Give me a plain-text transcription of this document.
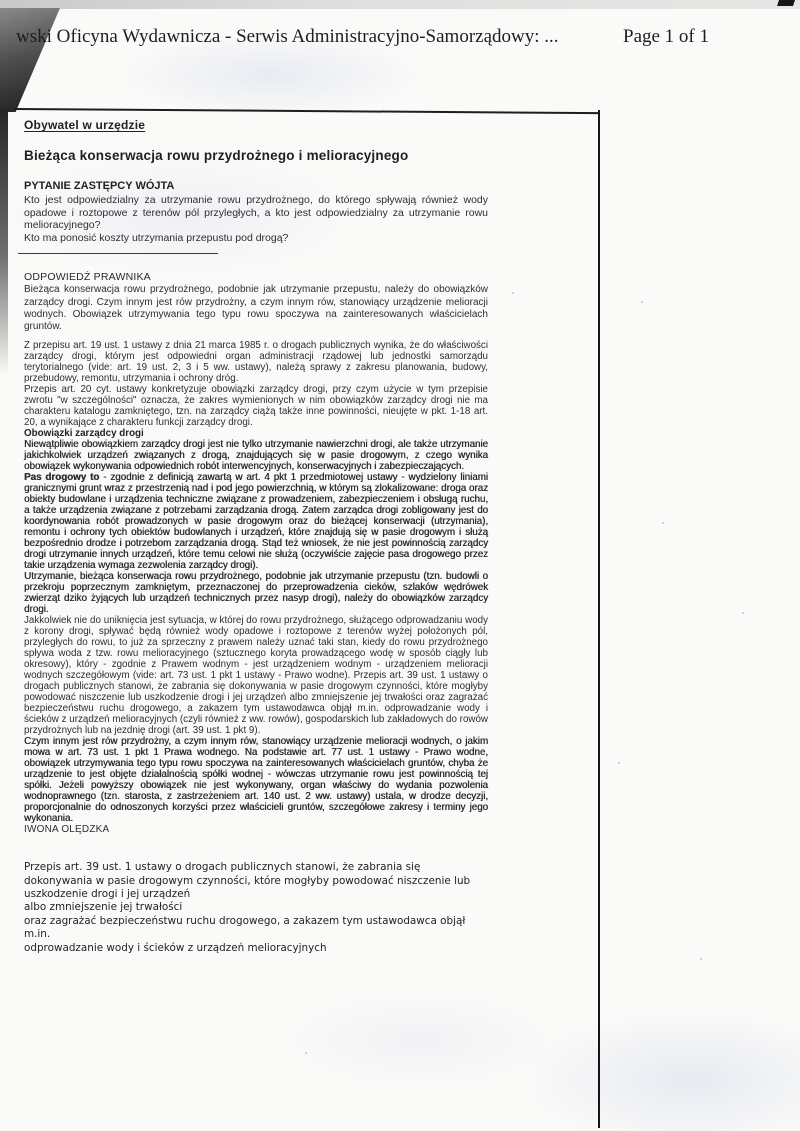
wski Oficyna Wydawnicza - Serwis Administracyjno-Samorządowy: ...	Page 1 of 1

Obywatel w urzędzie

Bieżąca konserwacja rowu przydrożnego i melioracyjnego

PYTANIE ZASTĘPCY WÓJTA

Kto jest odpowiedzialny za utrzymanie rowu przydrożnego, do którego spływają również wody opadowe i roztopowe z terenów pól przyległych, a kto jest odpowiedzialny za utrzymanie rowu melioracyjnego?

Kto ma ponosić koszty utrzymania przepustu pod drogą?

ODPOWIEDŹ PRAWNIKA

Bieżąca konserwacja rowu przydrożnego, podobnie jak utrzymanie przepustu, należy do obowiązków zarządcy drogi. Czym innym jest rów przydrożny, a czym innym rów, stanowiący urządzenie melioracji wodnych. Obowiązek utrzymywania tego typu rowu spoczywa na zainteresowanych właścicielach gruntów.

Z przepisu art. 19 ust. 1 ustawy z dnia 21 marca 1985 r. o drogach publicznych wynika, że do właściwości zarządcy drogi, którym jest odpowiedni organ administracji rządowej lub jednostki samorządu terytorialnego (vide: art. 19 ust. 2, 3 i 5 ww. ustawy), należą sprawy z zakresu planowania, budowy, przebudowy, remontu, utrzymania i ochrony dróg.

Przepis art. 20 cyt. ustawy konkretyzuje obowiązki zarządcy drogi, przy czym użycie w tym przepisie zwrotu "w szczególności" oznacza, że zakres wymienionych w nim obowiązków zarządcy drogi nie ma charakteru katalogu zamkniętego, tzn. na zarządcy ciążą także inne powinności, nieujęte w pkt. 1-18 art. 20, a wynikające z charakteru funkcji zarządcy drogi.

Obowiązki zarządcy drogi

Niewątpliwie obowiązkiem zarządcy drogi jest nie tylko utrzymanie nawierzchni drogi, ale także utrzymanie jakichkolwiek urządzeń związanych z drogą, znajdujących się w pasie drogowym, z czego wynika obowiązek wykonywania odpowiednich robót interwencyjnych, konserwacyjnych i zabezpieczających.

Pas drogowy to - zgodnie z definicją zawartą w art. 4 pkt 1 przedmiotowej ustawy - wydzielony liniami granicznymi grunt wraz z przestrzenią nad i pod jego powierzchnią, w którym są zlokalizowane: droga oraz obiekty budowlane i urządzenia techniczne związane z prowadzeniem, zabezpieczeniem i obsługą ruchu, a także urządzenia związane z potrzebami zarządzania drogą. Zatem zarządca drogi zobligowany jest do koordynowania robót prowadzonych w pasie drogowym oraz do bieżącej konserwacji (utrzymania), remontu i ochrony tych obiektów budowlanych i urządzeń, które znajdują się w pasie drogowym i służą bezpośrednio drodze i potrzebom zarządzania drogą. Stąd też wniosek, że nie jest powinnością zarządcy drogi utrzymanie innych urządzeń, które temu celowi nie służą (oczywiście zajęcie pasa drogowego przez takie urządzenia wymaga zezwolenia zarządcy drogi).

Utrzymanie, bieżąca konserwacja rowu przydrożnego, podobnie jak utrzymanie przepustu (tzn. budowli o przekroju poprzecznym zamkniętym, przeznaczonej do przeprowadzenia cieków, szlaków wędrówek zwierząt dziko żyjących lub urządzeń technicznych przez nasyp drogi), należy do obowiązków zarządcy drogi.

Jakkolwiek nie do uniknięcia jest sytuacja, w której do rowu przydrożnego, służącego odprowadzaniu wody z korony drogi, spływać będą również wody opadowe i roztopowe z terenów wyżej położonych pól, przyległych do rowu, to już za sprzeczny z prawem należy uznać taki stan, kiedy do rowu przydrożnego spływa woda z tzw. rowu melioracyjnego (sztucznego koryta prowadzącego wodę w sposób ciągły lub okresowy), który - zgodnie z Prawem wodnym - jest urządzeniem wodnym - urządzeniem melioracji wodnych szczegółowym (vide: art. 73 ust. 1 pkt 1 ustawy - Prawo wodne). Przepis art. 39 ust. 1 ustawy o drogach publicznych stanowi, że zabrania się dokonywania w pasie drogowym czynności, które mogłyby powodować niszczenie lub uszkodzenie drogi i jej urządzeń albo zmniejszenie jej trwałości oraz zagrażać bezpieczeństwu ruchu drogowego, a zakazem tym ustawodawca objął m.in. odprowadzanie wody i ścieków z urządzeń melioracyjnych (czyli również z ww. rowów), gospodarskich lub zakładowych do rowów przydrożnych lub na jezdnię drogi (art. 39 ust. 1 pkt 9).

Czym innym jest rów przydrożny, a czym innym rów, stanowiący urządzenie melioracji wodnych, o jakim mowa w art. 73 ust. 1 pkt 1 Prawa wodnego. Na podstawie art. 77 ust. 1 ustawy - Prawo wodne, obowiązek utrzymywania tego typu rowu spoczywa na zainteresowanych właścicielach gruntów, chyba że urządzenie to jest objęte działalnością spółki wodnej - wówczas utrzymanie rowu jest powinnością tej spółki. Jeżeli powyższy obowiązek nie jest wykonywany, organ właściwy do wydania pozwolenia wodnoprawnego (tzn. starosta, z zastrzeżeniem art. 140 ust. 2 ww. ustawy) ustala, w drodze decyzji, proporcjonalnie do odnoszonych korzyści przez właścicieli gruntów, szczegółowe zakresy i terminy jego wykonania.

IWONA OLĘDZKA

Przepis art. 39 ust. 1 ustawy o drogach publicznych stanowi, że zabrania się dokonywania w pasie drogowym czynności, które mogłyby powodować niszczenie lub uszkodzenie drogi i jej urządzeń
albo zmniejszenie jej trwałości
oraz zagrażać bezpieczeństwu ruchu drogowego, a zakazem tym ustawodawca objął m.in.
odprowadzanie wody i ścieków z urządzeń melioracyjnych
